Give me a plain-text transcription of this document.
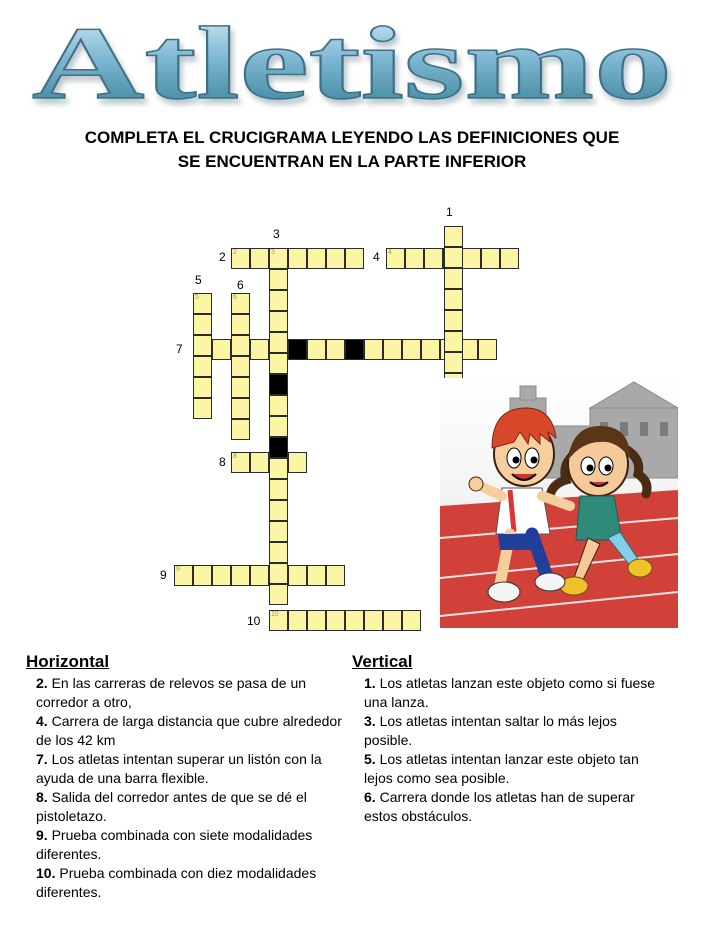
Atletismo
COMPLETA EL CRUCIGRAMA LEYENDO LAS DEFINICIONES QUE
SE ENCUENTRAN EN LA PARTE INFERIOR
2	4
8
9
10
3
5	6
1
2
3
4
5	6
7
8
9
10
Horizontal
2. En las carreras de relevos se pasa de un corredor a otro,
4. Carrera de larga distancia que cubre alrededor de los 42 km
7. Los atletas intentan superar un listón con la ayuda de una barra flexible.
8. Salida del corredor antes de que se dé el pistoletazo.
9. Prueba combinada con siete modalidades diferentes.
10. Prueba combinada con diez modalidades diferentes.
Vertical
1. Los atletas lanzan este objeto como si fuese una lanza.
3. Los atletas intentan saltar lo más lejos posible.
5. Los atletas intentan lanzar este objeto tan lejos como sea posible.
6. Carrera donde los atletas han de superar estos obstáculos.
